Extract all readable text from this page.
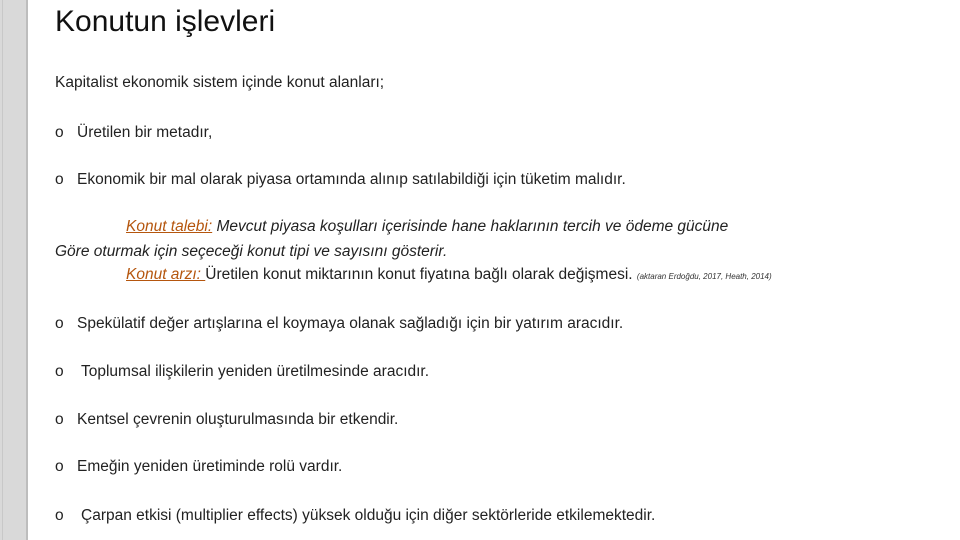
Konutun işlevleri
Kapitalist ekonomik sistem içinde konut alanları;
o Üretilen bir metadır,
o Ekonomik bir mal olarak piyasa ortamında alınıp satılabildiği için tüketim malıdır.
Konut talebi: Mevcut piyasa koşulları içerisinde hane haklarının tercih ve ödeme gücüne
Göre oturmak için seçeceği konut tipi ve sayısını gösterir.
Konut arzı: Üretilen konut miktarının konut fiyatına bağlı olarak değişmesi. (aktaran Erdoğdu, 2017, Heath, 2014)
o Spekülatif değer artışlarına el koymaya olanak sağladığı için bir yatırım aracıdır.
o Toplumsal ilişkilerin yeniden üretilmesinde aracıdır.
o Kentsel çevrenin oluşturulmasında bir etkendir.
o Emeğin yeniden üretiminde rolü vardır.
o Çarpan etkisi (multiplier effects) yüksek olduğu için diğer sektörleride etkilemektedir.
